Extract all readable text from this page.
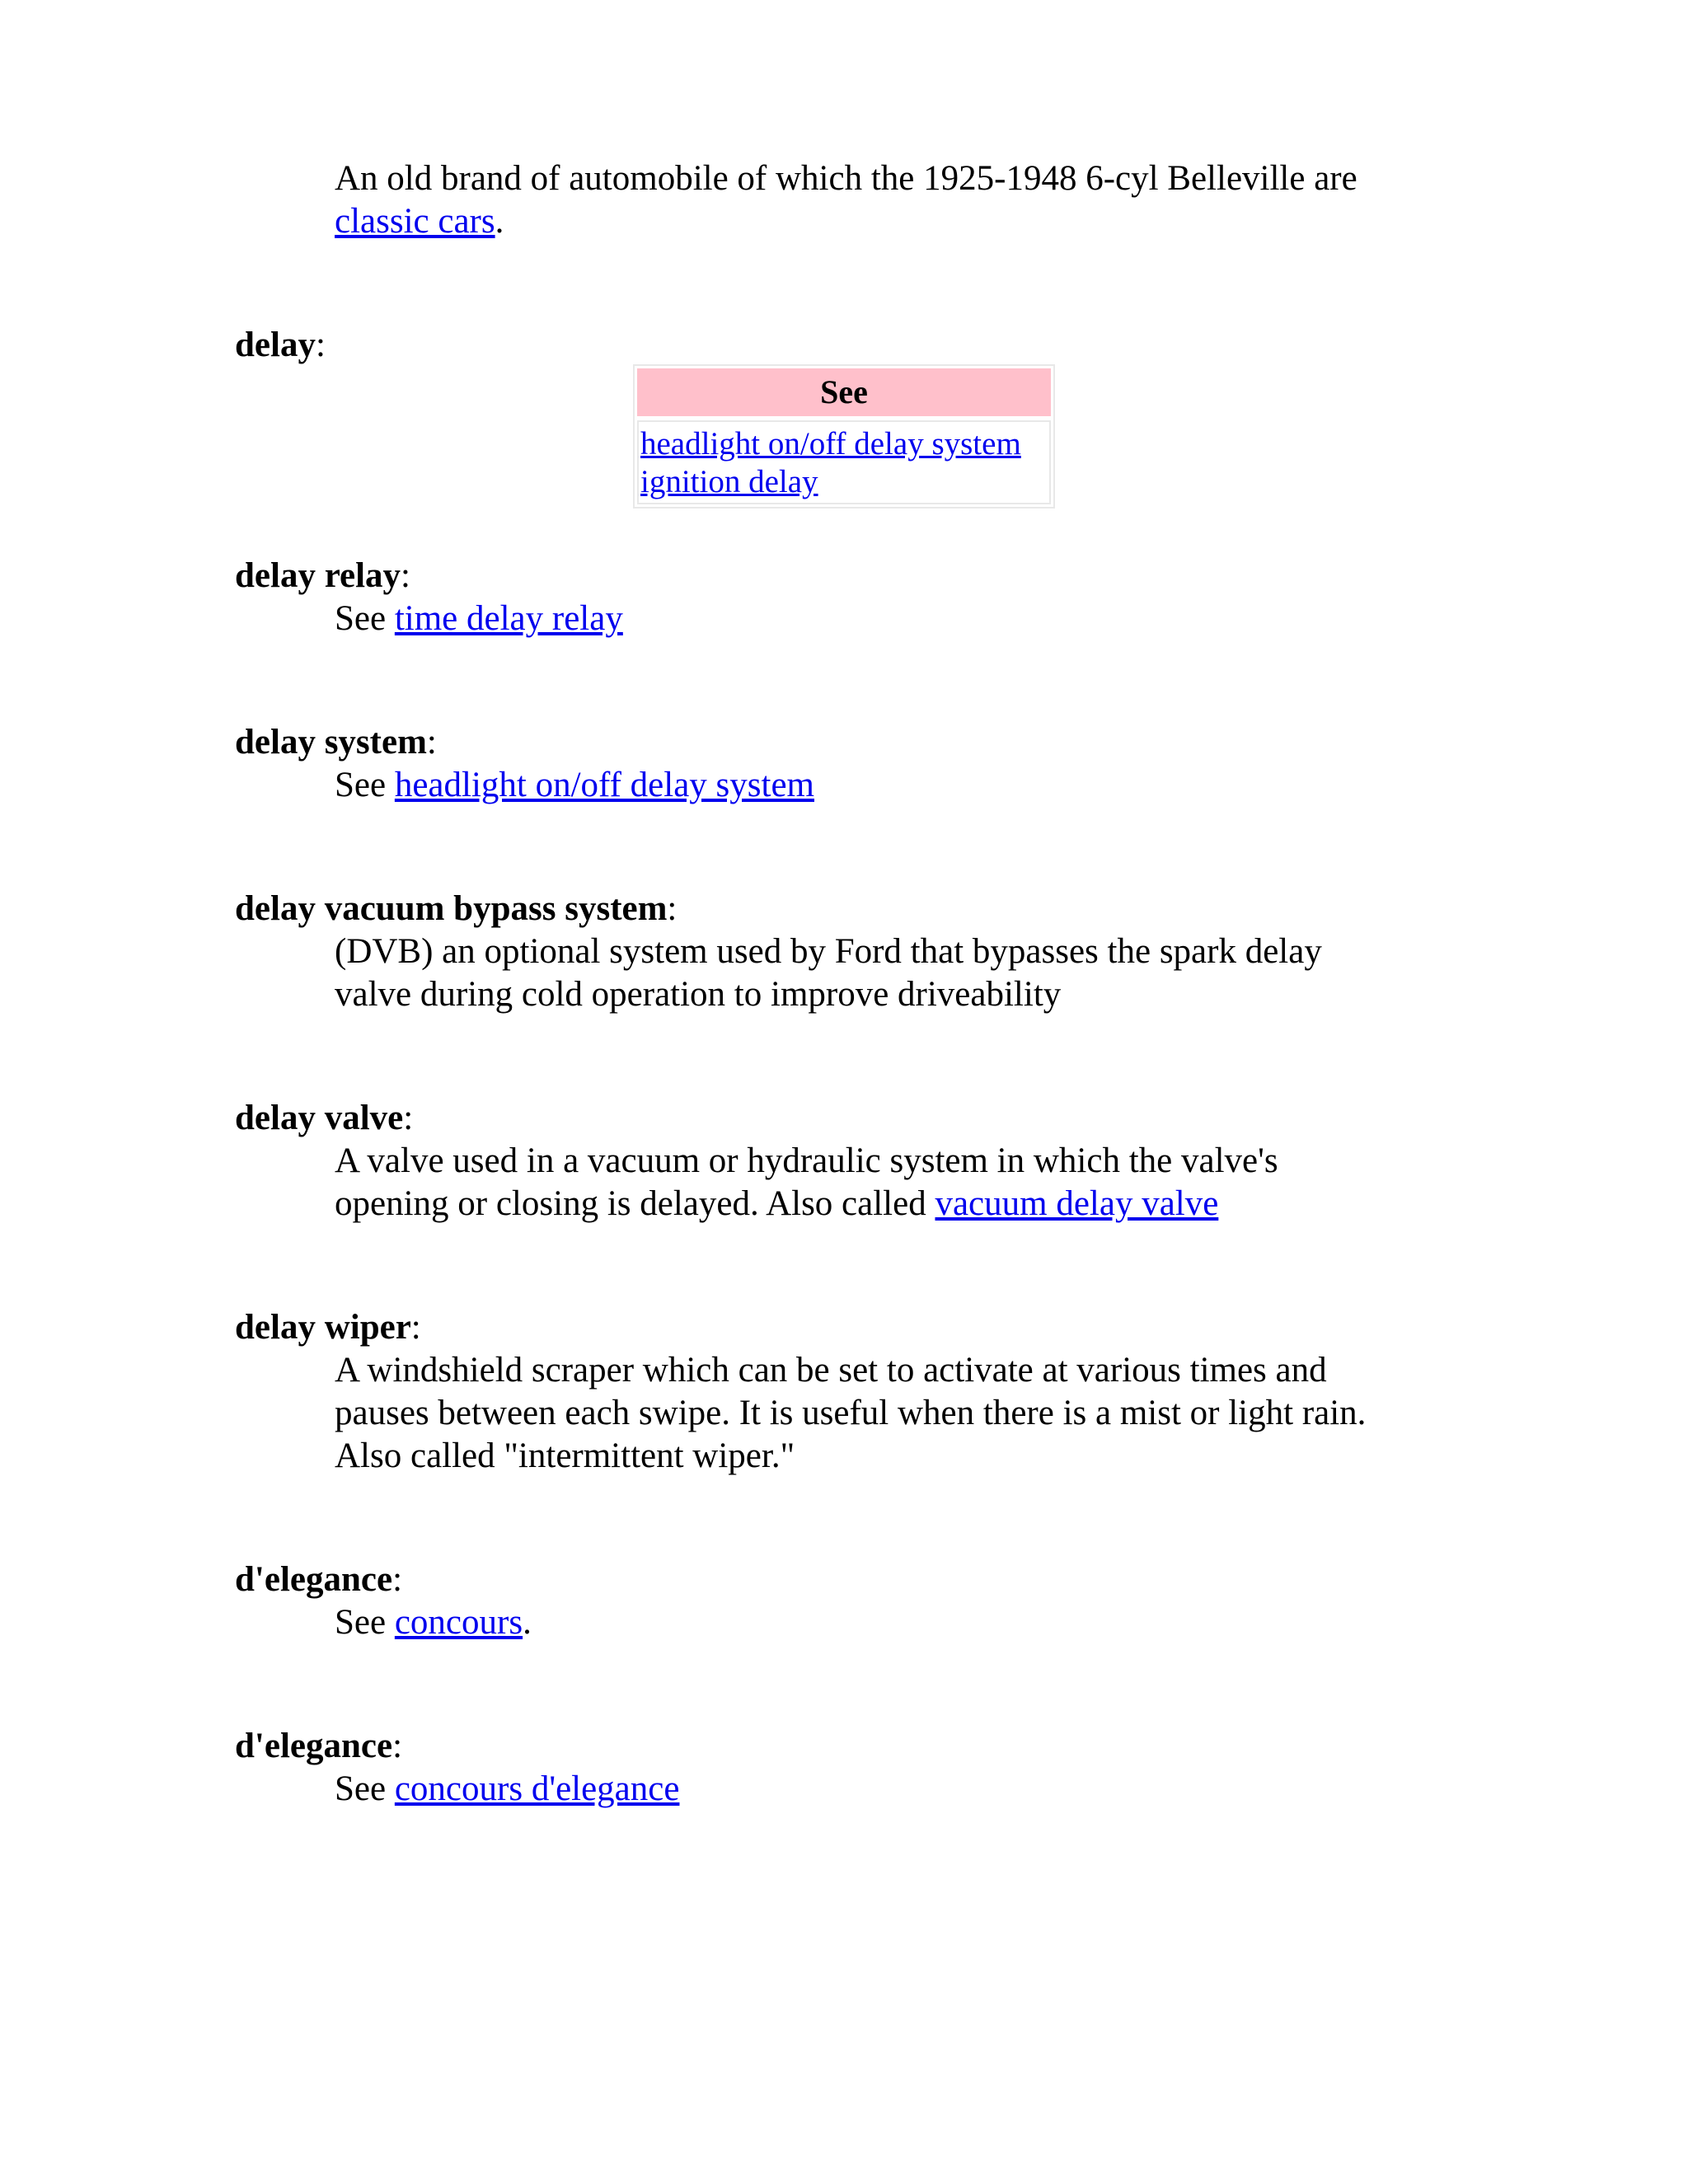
An old brand of automobile of which the 1925-1948 6-cyl Belleville are
classic cars.
delay:
See
headlight on/off delay system
ignition delay
delay relay:
See time delay relay
delay system:
See headlight on/off delay system
delay vacuum bypass system:
(DVB) an optional system used by Ford that bypasses the spark delay
valve during cold operation to improve driveability
delay valve:
A valve used in a vacuum or hydraulic system in which the valve's
opening or closing is delayed. Also called vacuum delay valve
delay wiper:
A windshield scraper which can be set to activate at various times and
pauses between each swipe. It is useful when there is a mist or light rain.
Also called "intermittent wiper."
d'elegance:
See concours.
d'elegance:
See concours d'elegance
